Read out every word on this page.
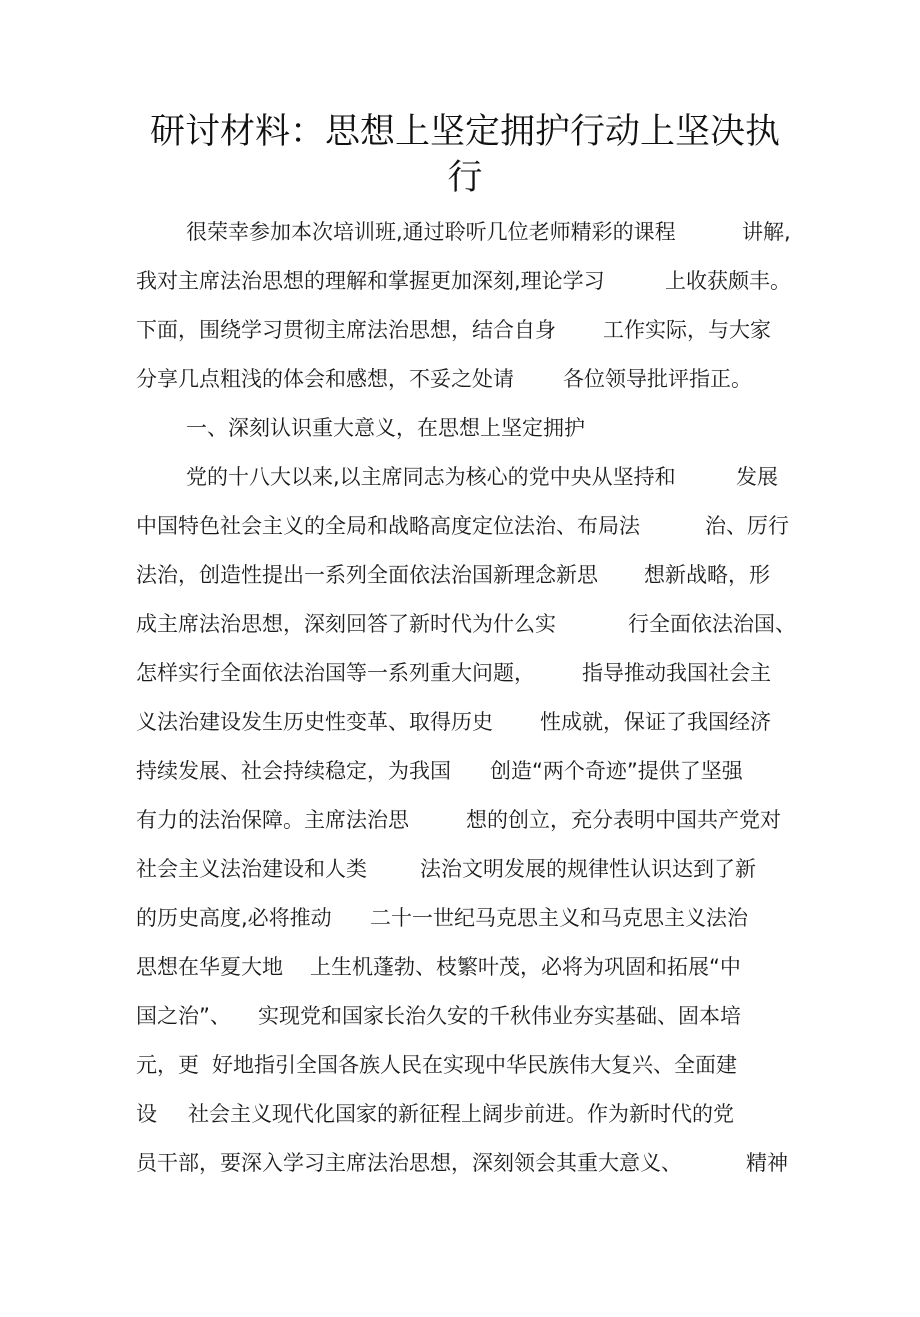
研讨材料：思想上坚定拥护行动上坚决执
行

很荣幸参加本次培训班,通过聆听几位老师精彩的课程

	讲解,

我对主席法治思想的理解和掌握更加深刻,理论学习

	上收获颇丰。

下面，围绕学习贯彻主席法治思想，结合自身

工作实际，与大家

分享几点粗浅的体会和感想，不妥之处请

各位领导批评指正。

一、深刻认识重大意义，在思想上坚定拥护

党的十八大以来,以主席同志为核心的党中央从坚持和

	发展

中国特色社会主义的全局和战略高度定位法治、布局法

	治、厉行

法治，创造性提出一系列全面依法治国新理念新思

想新战略，形

成主席法治思想，深刻回答了新时代为什么实

	行全面依法治国、

怎样实行全面依法治国等一系列重大问题，

指导推动我国社会主

义法治建设发生历史性变革、取得历史

性成就，保证了我国经济

持续发展、社会持续稳定，为我国

创造“两个奇迹”提供了坚强

有力的法治保障。主席法治思

	想的创立，充分表明中国共产党对

社会主义法治建设和人类

	法治文明发展的规律性认识达到了新

的历史高度,必将推动

二十一世纪马克思主义和马克思主义法治

思想在华夏大地

上生机蓬勃、枝繁叶茂，必将为巩固和拓展“中

国之治”、

实现党和国家长治久安的千秋伟业夯实基础、固本培

元，更

好地指引全国各族人民在实现中华民族伟大复兴、全面建

设

社会主义现代化国家的新征程上阔步前进。作为新时代的党

员干部，要深入学习主席法治思想，深刻领会其重大意义、

	精神
